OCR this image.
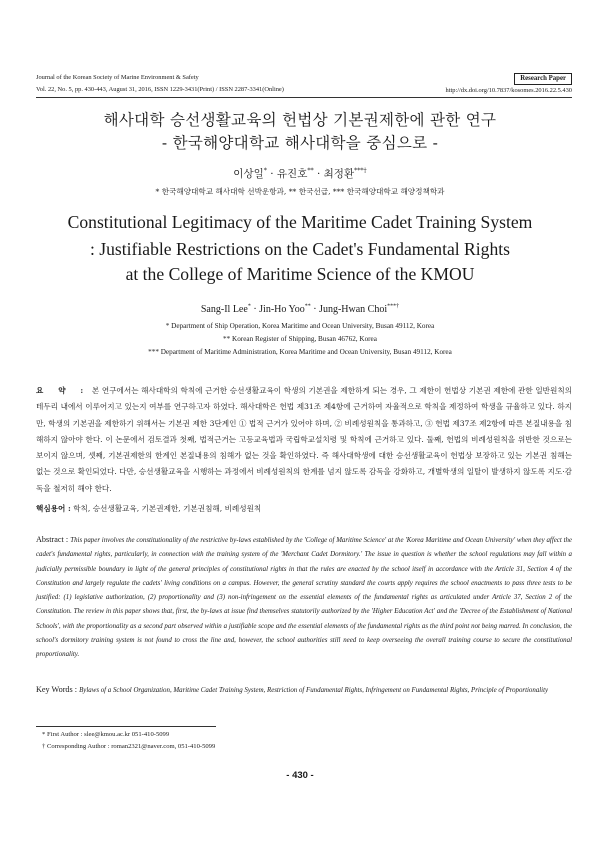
Journal of the Korean Society of Marine Environment & Safety
Vol. 22, No. 5, pp. 430-443, August 31, 2016, ISSN 1229-3431(Print) / ISSN 2287-3341(Online)
Research Paper
http://dx.doi.org/10.7837/kosomes.2016.22.5.430
해사대학 승선생활교육의 헌법상 기본권제한에 관한 연구
- 한국해양대학교 해사대학을 중심으로 -
이상일* · 유진호** · 최정환***†
* 한국해양대학교 해사대학 선박운항과, ** 한국선급, *** 한국해양대학교 해양정책학과
Constitutional Legitimacy of the Maritime Cadet Training System
: Justifiable Restrictions on the Cadet's Fundamental Rights
at the College of Maritime Science of the KMOU
Sang-Il Lee* · Jin-Ho Yoo** · Jung-Hwan Choi***†
* Department of Ship Operation, Korea Maritime and Ocean University, Busan 49112, Korea
** Korean Register of Shipping, Busan 46762, Korea
*** Department of Maritime Administration, Korea Maritime and Ocean University, Busan 49112, Korea

요 약 : 본 연구에서는 해사대학의 학칙에 근거한 승선생활교육이 학생의 기본권을 제한하게 되는 경우, 그 제한이 헌법상 기본권 제한에 관한 일반원칙의 테두리 내에서 이루어지고 있는지 여부를 연구하고자 하였다. 해사대학은 헌법 제31조 제4항에 근거하여 자율적으로 학칙을 제정하여 학생을 규율하고 있다. 하지만, 학생의 기본권을 제한하기 위해서는 기본권 제한 3단계인 ① 법적 근거가 있어야 하며, ② 비례성원칙을 통과하고, ③ 헌법 제37조 제2항에 따른 본질내용을 침해하지 않아야 한다. 이 논문에서 검토결과 첫째, 법적근거는 고등교육법과 국립학교설치령 및 학칙에 근거하고 있다. 둘째, 헌법의 비례성원칙을 위반한 것으로는 보이지 않으며, 셋째, 기본권제한의 한계인 본질내용의 침해가 없는 것을 확인하였다. 즉 해사대학생에 대한 승선생활교육이 헌법상 보장하고 있는 기본권 침해는 없는 것으로 확인되었다. 다만, 승선생활교육을 시행하는 과정에서 비례성원칙의 한계를 넘지 않도록 감독을 강화하고, 개별학생의 일탈이 발생하지 않도록 지도·감독을 철저히 해야 한다.

핵심용어 : 학칙, 승선생활교육, 기본권제한, 기본권침해, 비례성원칙

Abstract : This paper involves the constitutionality of the restrictive by-laws established by the 'College of Maritime Science' at the 'Korea Maritime and Ocean University' when they affect the cadet's fundamental rights, particularly, in connection with the training system of the 'Merchant Cadet Dormitory.' The issue in question is whether the school regulations may fall within a judicially permissible boundary in light of the general principles of constitutional rights in that the rules are enacted by the school itself in accordance with the Article 31, Section 4 of the Constitution and largely regulate the cadets' living conditions on a campus. However, the general scrutiny standard the courts apply requires the school enactments to pass three tests to be justified: (1) legislative authorization, (2) proportionality and (3) non-infringement on the essential elements of the fundamental rights as articulated under Article 37, Section 2 of the Constitution. The review in this paper shows that, first, the by-laws at issue find themselves statutorily authorized by the 'Higher Education Act' and the 'Decree of the Establishment of National Schools', with the proportionality as a second part observed within a justifiable scope and the essential elements of the fundamental rights as the third point not being marred. In conclusion, the school's dormitory training system is not found to cross the line and, however, the school authorities still need to keep overseeing the overall training course to secure the constitutional proportionality.

Key Words : Bylaws of a School Organization, Maritime Cadet Training System, Restriction of Fundamental Rights, Infringement on Fundamental Rights, Principle of Proportionality

* First Author : slee@kmou.ac.kr 051-410-5099
† Corresponding Author : roman2321@naver.com, 051-410-5099
- 430 -
